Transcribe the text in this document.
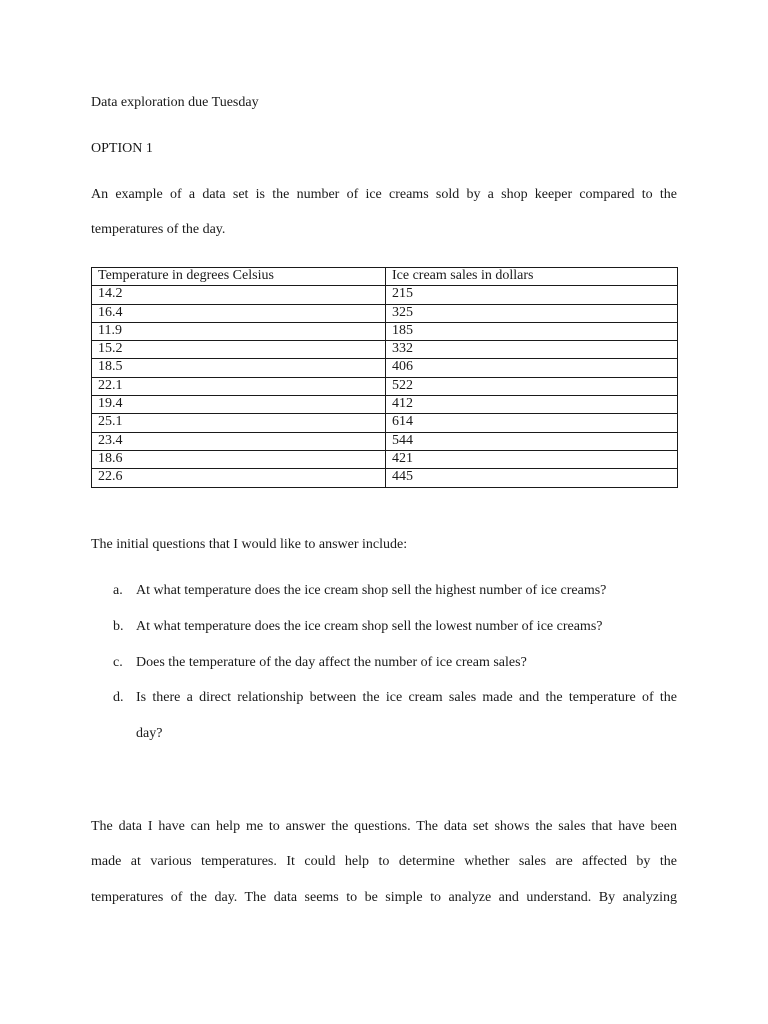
Data exploration due Tuesday
OPTION 1
An example of a data set is the number of ice creams sold by a shop keeper compared to the
temperatures of the day.
Temperature in degrees Celsius	Ice cream sales in dollars
14.2	215
16.4	325
11.9	185
15.2	332
18.5	406
22.1	522
19.4	412
25.1	614
23.4	544
18.6	421
22.6	445
The initial questions that I would like to answer include:
a. At what temperature does the ice cream shop sell the highest number of ice creams?
b. At what temperature does the ice cream shop sell the lowest number of ice creams?
c. Does the temperature of the day affect the number of ice cream sales?
d. Is there a direct relationship between the ice cream sales made and the temperature of the
day?
The data I have can help me to answer the questions. The data set shows the sales that have been
made at various temperatures. It could help to determine whether sales are affected by the
temperatures of the day. The data seems to be simple to analyze and understand. By analyzing
